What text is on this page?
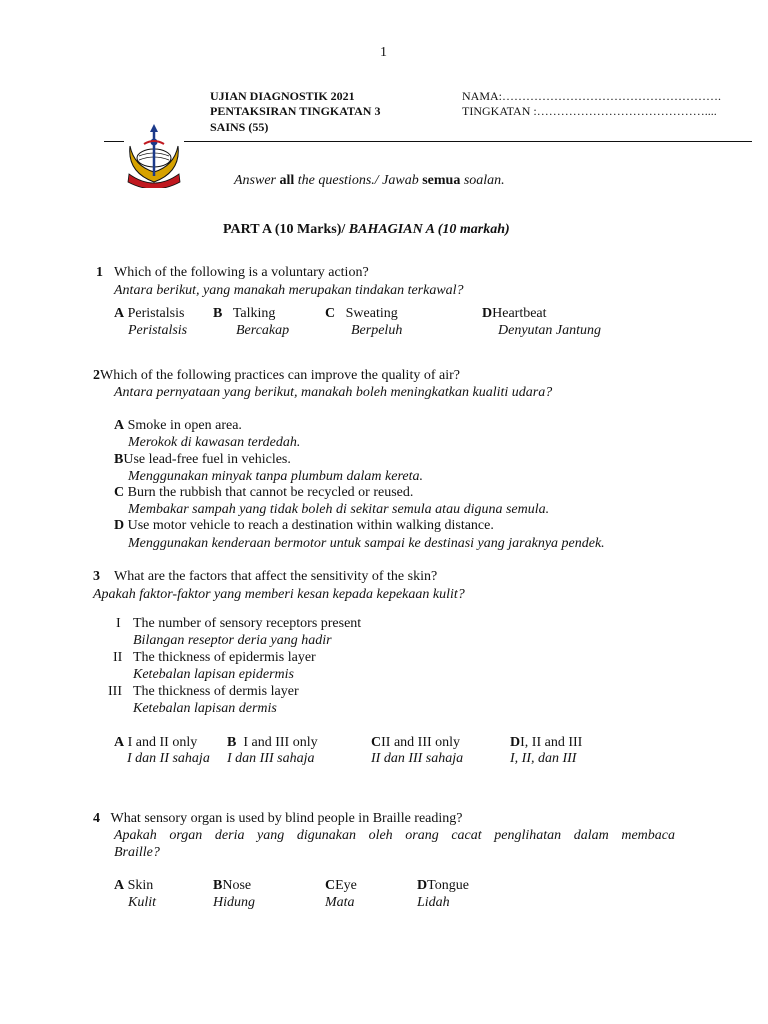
1
UJIAN DIAGNOSTIK 2021
PENTAKSIRAN TINGKATAN 3
SAINS (55)
NAMA:……………………………………………….
TINGKATAN :……………………………………....
Answer all the questions./ Jawab semua soalan.
PART A (10 Marks)/ BAHAGIAN A (10 markah)
1 Which of the following is a voluntary action?
Antara berikut, yang manakah merupakan tindakan terkawal?
A Peristalsis
Peristalsis
B Talking
Bercakap
C Sweating
Berpeluh
DHeartbeat
Denyutan Jantung
2Which of the following practices can improve the quality of air?
Antara pernyataan yang berikut, manakah boleh meningkatkan kualiti udara?
A Smoke in open area.
Merokok di kawasan terdedah.
BUse lead-free fuel in vehicles.
Menggunakan minyak tanpa plumbum dalam kereta.
C Burn the rubbish that cannot be recycled or reused.
Membakar sampah yang tidak boleh di sekitar semula atau diguna semula.
D Use motor vehicle to reach a destination within walking distance.
Menggunakan kenderaan bermotor untuk sampai ke destinasi yang jaraknya pendek.
3 What are the factors that affect the sensitivity of the skin?
Apakah faktor-faktor yang memberi kesan kepada kepekaan kulit?
I The number of sensory receptors present
Bilangan reseptor deria yang hadir
II The thickness of epidermis layer
Ketebalan lapisan epidermis
III The thickness of dermis layer
Ketebalan lapisan dermis
A I and II only
I dan II sahaja
B I and III only
I dan III sahaja
CII and III only
II dan III sahaja
DI, II and III
I, II, dan III
4 What sensory organ is used by blind people in Braille reading?
Apakah organ deria yang digunakan oleh orang cacat penglihatan dalam membaca
Braille?
A Skin
Kulit
BNose
Hidung
CEye
Mata
DTongue
Lidah
